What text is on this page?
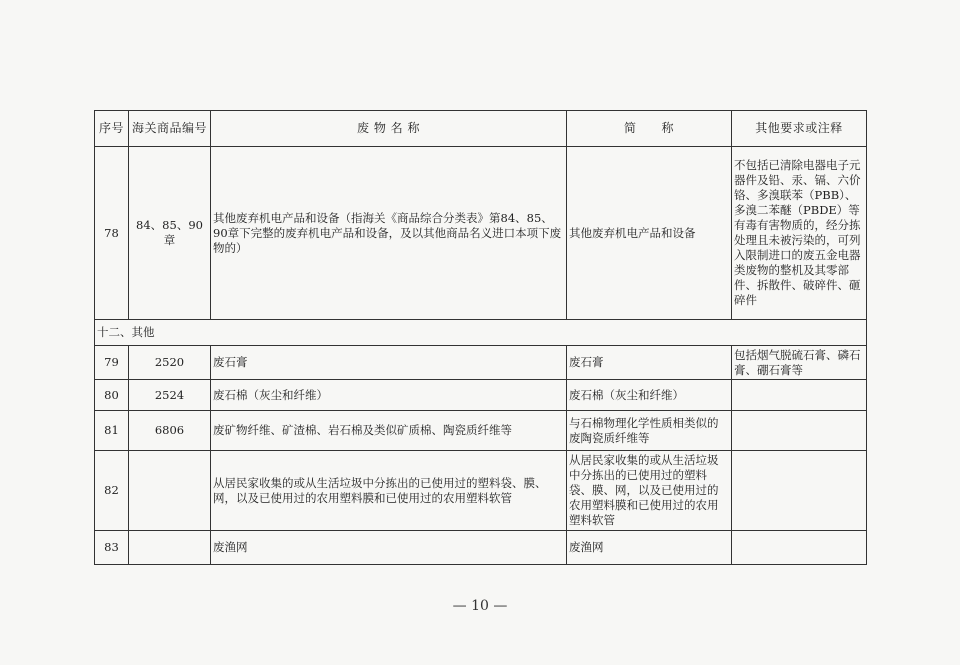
序号	海关商品编号	废 物 名 称	简　　称	其他要求或注释
78	84、85、90章	其他废弃机电产品和设备（指海关《商品综合分类表》第84、85、90章下完整的废弃机电产品和设备，及以其他商品名义进口本项下废物的）	其他废弃机电产品和设备	不包括已清除电器电子元器件及铅、汞、镉、六价铬、多溴联苯（PBB）、多溴二苯醚（PBDE）等有毒有害物质的，经分拣处理且未被污染的，可列入限制进口的废五金电器类废物的整机及其零部件、拆散件、破碎件、砸碎件
十二、其他				
79	2520	废石膏	废石膏	包括烟气脱硫石膏、磷石膏、硼石膏等
80	2524	废石棉（灰尘和纤维）	废石棉（灰尘和纤维）	
81	6806	废矿物纤维、矿渣棉、岩石棉及类似矿质棉、陶瓷质纤维等	与石棉物理化学性质相类似的废陶瓷质纤维等	
82		从居民家收集的或从生活垃圾中分拣出的已使用过的塑料袋、膜、网，以及已使用过的农用塑料膜和已使用过的农用塑料软管	从居民家收集的或从生活垃圾中分拣出的已使用过的塑料袋、膜、网，以及已使用过的农用塑料膜和已使用过的农用塑料软管	
83		废渔网	废渔网	
— 10 —
